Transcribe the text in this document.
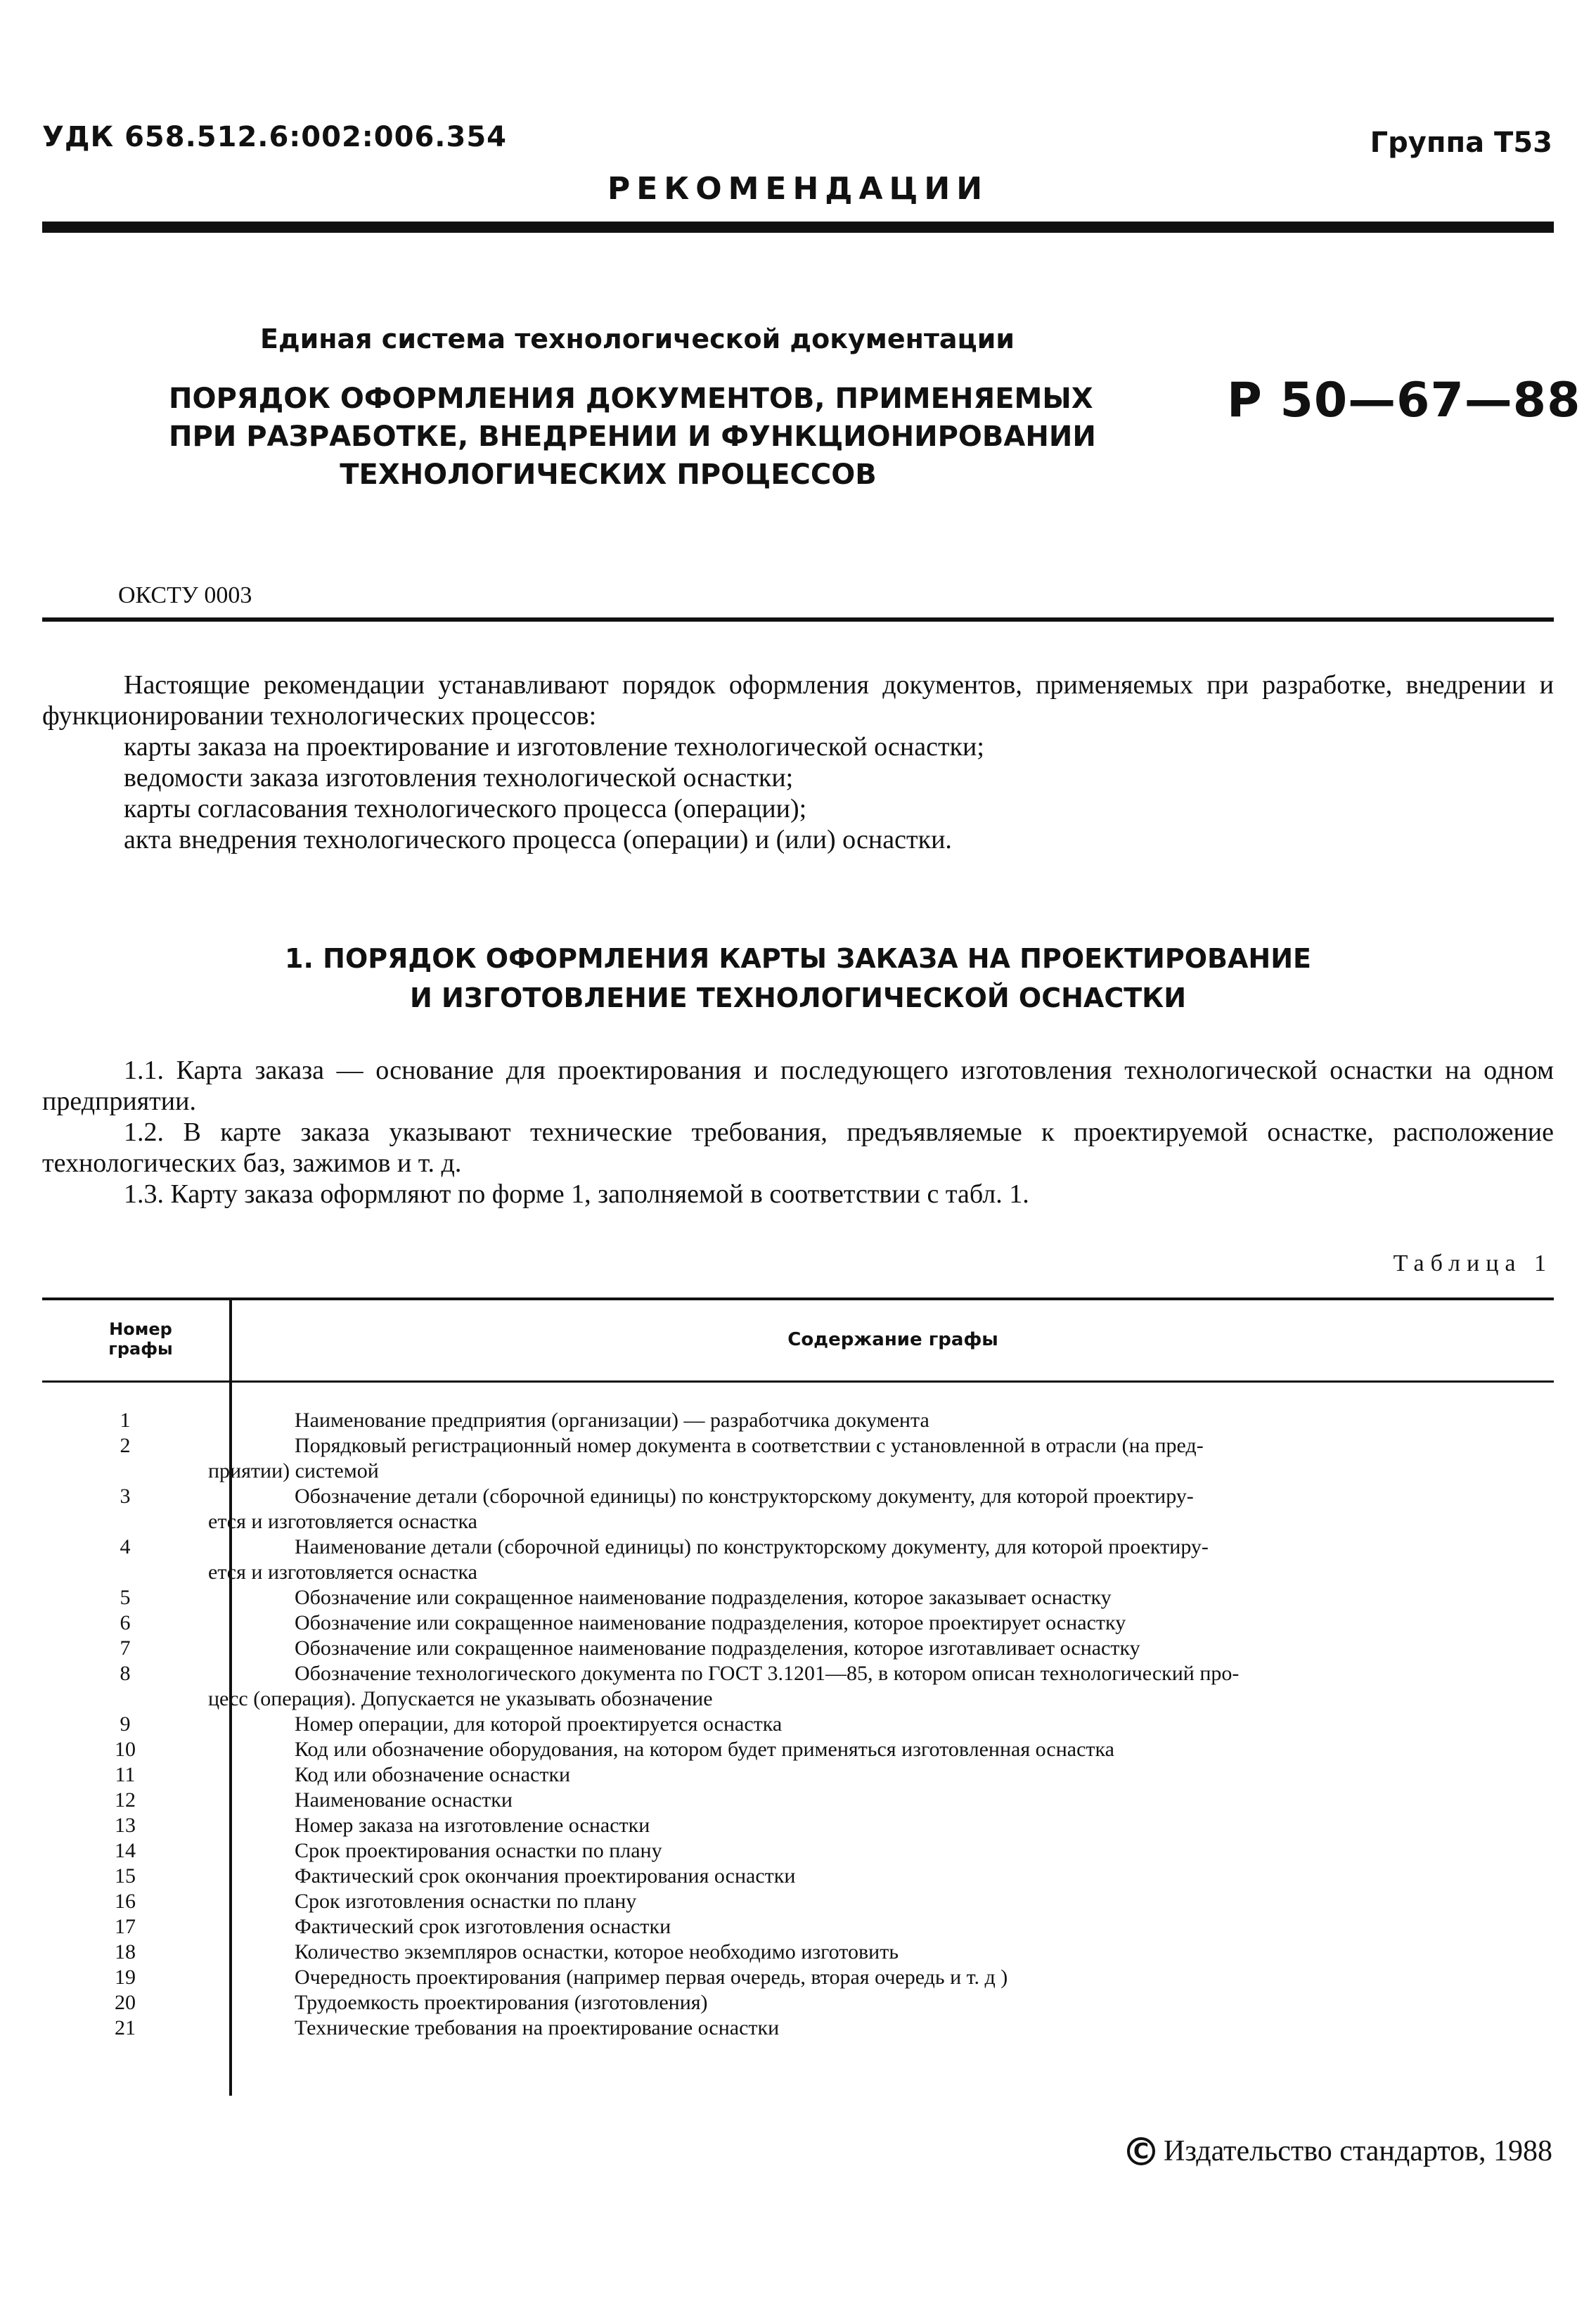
УДК 658.512.6:002:006.354	Группа Т53
РЕКОМЕНДАЦИИ
Единая система технологической документации
ПОРЯДОК ОФОРМЛЕНИЯ ДОКУМЕНТОВ, ПРИМЕНЯЕМЫХ
ПРИ РАЗРАБОТКЕ, ВНЕДРЕНИИ И ФУНКЦИОНИРОВАНИИ
ТЕХНОЛОГИЧЕСКИХ ПРОЦЕССОВ
Р 50—67—88
ОКСТУ 0003
Настоящие рекомендации устанавливают порядок оформления документов, применяемых при разработке, внедрении и функционировании технологических процессов:
карты заказа на проектирование и изготовление технологической оснастки;
ведомости заказа изготовления технологической оснастки;
карты согласования технологического процесса (операции);
акта внедрения технологического процесса (операции) и (или) оснастки.
1. ПОРЯДОК ОФОРМЛЕНИЯ КАРТЫ ЗАКАЗА НА ПРОЕКТИРОВАНИЕ
И ИЗГОТОВЛЕНИЕ ТЕХНОЛОГИЧЕСКОЙ ОСНАСТКИ
1.1. Карта заказа — основание для проектирования и последующего изготовления технологической оснастки на одном предприятии.
1.2. В карте заказа указывают технические требования, предъявляемые к проектируемой оснастке, расположение технологических баз, зажимов и т. д.
1.3. Карту заказа оформляют по форме 1, заполняемой в соответствии с табл. 1.
Таблица 1
Номер
графы	Содержание графы
1	Наименование предприятия (организации) — разработчика документа
2	Порядковый регистрационный номер документа в соответствии с установленной в отрасли (на пред-
приятии) системой
3	Обозначение детали (сборочной единицы) по конструкторскому документу, для которой проектиру-
ется и изготовляется оснастка
4	Наименование детали (сборочной единицы) по конструкторскому документу, для которой проектиру-
ется и изготовляется оснастка
5	Обозначение или сокращенное наименование подразделения, которое заказывает оснастку
6	Обозначение или сокращенное наименование подразделения, которое проектирует оснастку
7	Обозначение или сокращенное наименование подразделения, которое изготавливает оснастку
8	Обозначение технологического документа по ГОСТ 3.1201—85, в котором описан технологический про-
цесс (операция). Допускается не указывать обозначение
9	Номер операции, для которой проектируется оснастка
10	Код или обозначение оборудования, на котором будет применяться изготовленная оснастка
11	Код или обозначение оснастки
12	Наименование оснастки
13	Номер заказа на изготовление оснастки
14	Срок проектирования оснастки по плану
15	Фактический срок окончания проектирования оснастки
16	Срок изготовления оснастки по плану
17	Фактический срок изготовления оснастки
18	Количество экземпляров оснастки, которое необходимо изготовить
19	Очередность проектирования (например первая очередь, вторая очередь и т. д )
20	Трудоемкость проектирования (изготовления)
21	Технические требования на проектирование оснастки
C Издательство стандартов, 1988
